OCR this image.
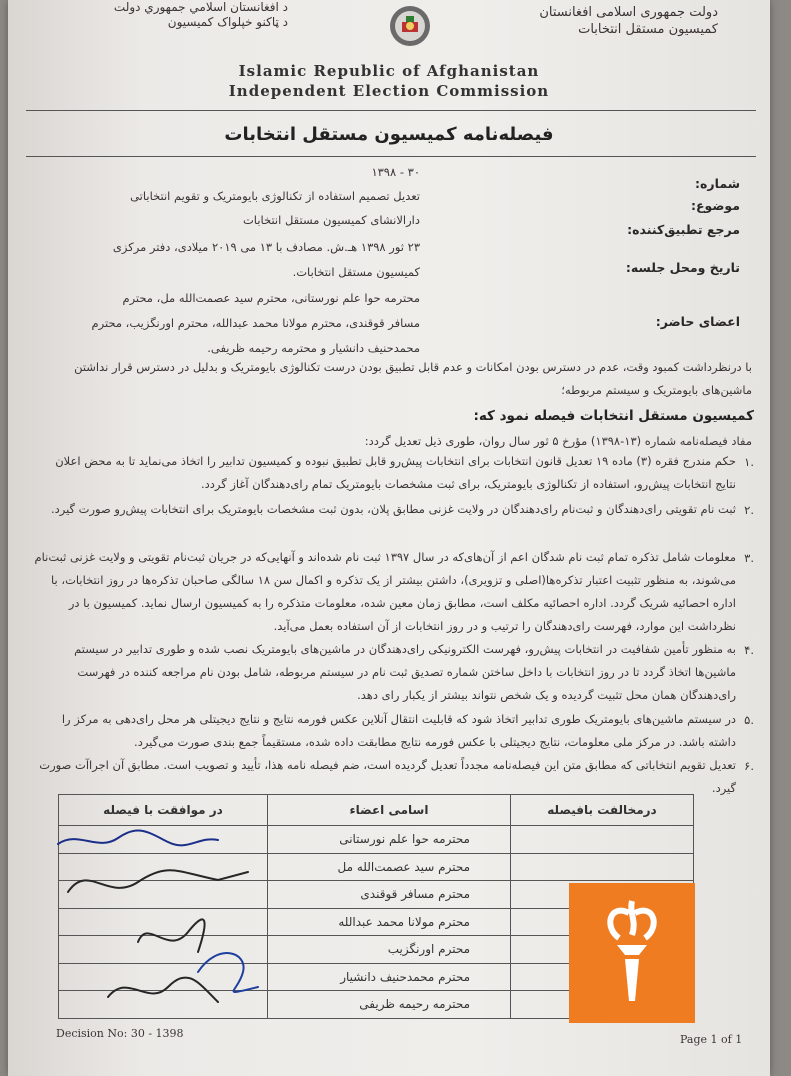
دولت جمهوری اسلامی افغانستان
کمیسیون مستقل انتخابات
د افغانستان اسلامي جمهوري دولت
د ټاکنو خپلواک کمیسیون
Islamic Republic of Afghanistan
Independent Election Commission
فیصله‌نامه کمیسیون مستقل انتخابات
شماره:
۳۰ - ۱۳۹۸
موضوع:
تعدیل تصمیم استفاده از تکنالوژی بایومتریک و تقویم انتخاباتی
مرجع تطبیق‌کننده:
دارالانشای کمیسیون مستقل انتخابات
تاریخ ومحل جلسه:
۲۳ ثور ۱۳۹۸ هـ.ش. مصادف با ۱۳ می ۲۰۱۹ میلادی، دفتر مرکزی کمیسیون مستقل انتخابات.
اعضای حاضر:
محترمه حوا علم نورستانی، محترم سید عصمت‌الله مل، محترم مسافر قوقندی، محترم مولانا محمد عبدالله، محترم اورنگزیب، محترم محمدحنیف دانشیار و محترمه رحیمه ظریفی.
با درنظرداشت کمبود وقت، عدم در دسترس بودن امکانات و عدم قابل تطبیق بودن درست تکنالوژی بایومتریک و بدلیل در دسترس قرار نداشتن ماشین‌های بایومتریک و سیستم مربوطه؛
کمیسیون مستقل انتخابات فیصله نمود که:
مفاد فیصله‌نامه شماره (۱۳-۱۳۹۸) مؤرخ ۵ ثور سال روان، طوری ذیل تعدیل گردد:
۱.
حکم مندرج فقره (۳) ماده ۱۹ تعدیل قانون انتخابات برای انتخابات پیش‌رو قابل تطبیق نبوده و کمیسیون تدابیر را اتخاذ می‌نماید تا به محض اعلان نتایج انتخابات پیش‌رو، استفاده از تکنالوژی بایومتریک، برای ثبت مشخصات بایومتریک تمام رای‌دهندگان آغاز گردد.
۲.
ثبت نام تقویتی رای‌دهندگان و ثبت‌نام رای‌دهندگان در ولایت غزنی مطابق پلان، بدون ثبت مشخصات بایومتریک برای انتخابات پیش‌رو صورت گیرد.
۳.
معلومات شامل تذکره تمام ثبت نام شدگان اعم از آن‌های‌که در سال ۱۳۹۷ ثبت نام شده‌اند و آنهایی‌که در جریان ثبت‌نام تقویتی و ولایت غزنی ثبت‌نام می‌شوند، به منظور تثبیت اعتبار تذکره‌ها(اصلی و تزویری)، داشتن بیشتر از یک تذکره و اکمال سن ۱۸ سالگی صاحبان تذکره‌ها در روز انتخابات، با اداره احصائیه شریک گردد. اداره احصائیه مکلف است، مطابق زمان معین شده، معلومات متذکره را به کمیسیون ارسال نماید. کمیسیون با در نظرداشت این موارد، فهرست رای‌دهندگان را ترتیب و در روز انتخابات از آن استفاده بعمل می‌آید.
۴.
به منظور تأمین شفافیت در انتخابات پیش‌رو، فهرست الکترونیکی رای‌دهندگان در ماشین‌های بایومتریک نصب شده و طوری تدابیر در سیستم ماشین‌ها اتخاذ گردد تا در روز انتخابات با داخل ساختن شماره تصدیق ثبت نام در سیستم مربوطه، شامل بودن نام مراجعه کننده در فهرست رای‌دهندگان همان محل تثبیت گردیده و یک شخص نتواند بیشتر از یکبار رای دهد.
۵.
در سیستم ماشین‌های بایومتریک طوری تدابیر اتخاذ شود که قابلیت انتقال آنلاین عکس فورمه نتایج و نتایج دیجیتلی هر محل رای‌دهی به مرکز را داشته باشد. در مرکز ملی معلومات، نتایج دیجیتلی با عکس فورمه نتایج مطابقت داده شده، مستقیماً جمع بندی صورت می‌گیرد.
۶.
تعدیل تقویم انتخاباتی که مطابق متن این فیصله‌نامه مجدداً تعدیل گردیده است، ضم فیصله نامه هذا، تأیید و تصویب است. مطابق آن اجراآت صورت گیرد.
درمخالفت بافیصله	اسامی اعضاء	در موافقت با فیصله
	محترمه حوا علم نورستانی	
	محترم سید عصمت‌الله مل	
	محترم مسافر قوقندی	
	محترم مولانا محمد عبدالله	
	محترم اورنگزیب	
	محترم محمدحنیف دانشیار	
	محترمه رحیمه ظریفی	
Decision No: 30 - 1398	Page 1 of 1
